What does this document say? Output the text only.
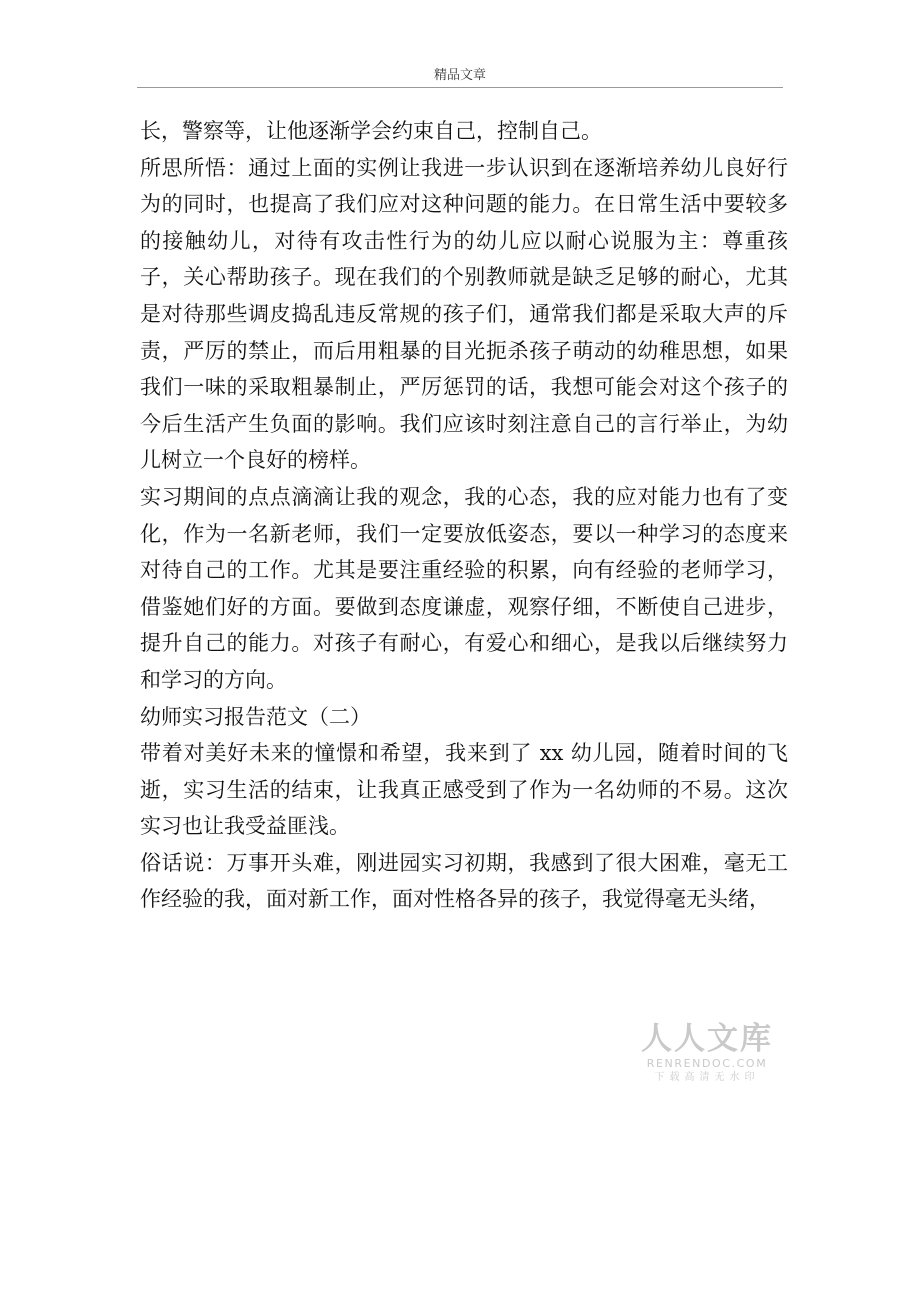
精品文章

长，警察等，让他逐渐学会约束自己，控制自己。

所思所悟：通过上面的实例让我进一步认识到在逐渐培养幼儿良好行为的同时，也提高了我们应对这种问题的能力。在日常生活中要较多的接触幼儿，对待有攻击性行为的幼儿应以耐心说服为主：尊重孩子，关心帮助孩子。现在我们的个别教师就是缺乏足够的耐心，尤其是对待那些调皮捣乱违反常规的孩子们，通常我们都是采取大声的斥责，严厉的禁止，而后用粗暴的目光扼杀孩子萌动的幼稚思想，如果我们一味的采取粗暴制止，严厉惩罚的话，我想可能会对这个孩子的今后生活产生负面的影响。我们应该时刻注意自己的言行举止，为幼儿树立一个良好的榜样。

实习期间的点点滴滴让我的观念，我的心态，我的应对能力也有了变化，作为一名新老师，我们一定要放低姿态，要以一种学习的态度来对待自己的工作。尤其是要注重经验的积累，向有经验的老师学习，借鉴她们好的方面。要做到态度谦虚，观察仔细，不断使自己进步，提升自己的能力。对孩子有耐心，有爱心和细心，是我以后继续努力和学习的方向。

幼师实习报告范文（二）

带着对美好未来的憧憬和希望，我来到了 xx 幼儿园，随着时间的飞逝，实习生活的结束，让我真正感受到了作为一名幼师的不易。这次实习也让我受益匪浅。

俗话说：万事开头难，刚进园实习初期，我感到了很大困难，毫无工作经验的我，面对新工作，面对性格各异的孩子，我觉得毫无头绪，

人人文库
RENRENDOC.COM
下载高清无水印
